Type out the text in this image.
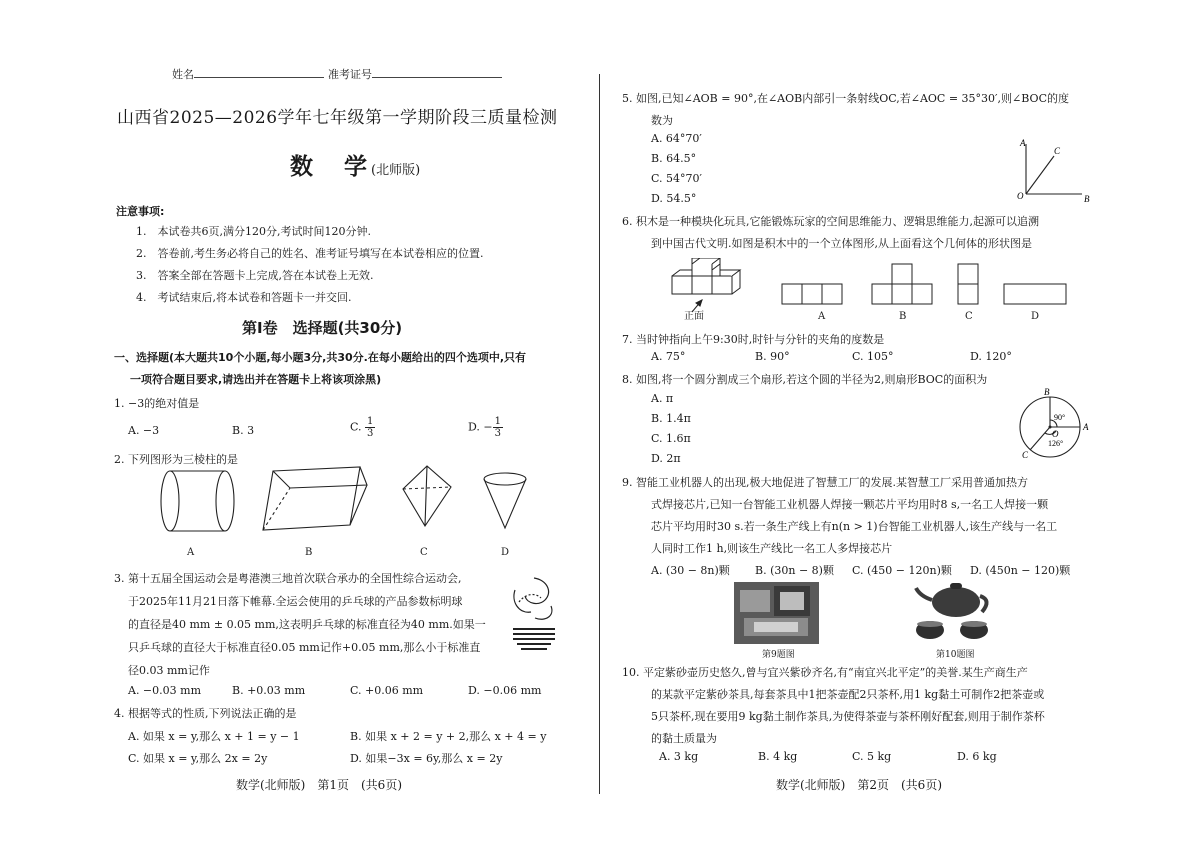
姓名	准考证号
山西省2025—2026学年七年级第一学期阶段三质量检测
数　学(北师版)
注意事项:
1.　本试卷共6页,满分120分,考试时间120分钟.
2.　答卷前,考生务必将自己的姓名、准考证号填写在本试卷相应的位置.
3.　答案全部在答题卡上完成,答在本试卷上无效.
4.　考试结束后,将本试卷和答题卡一并交回.
第Ⅰ卷　选择题(共30分)
一、选择题(本大题共10个小题,每小题3分,共30分.在每小题给出的四个选项中,只有
一项符合题目要求,请选出并在答题卡上将该项涂黑)
1. −3的绝对值是
A. −3	B. 3	C. $\frac{1}{3}$	D. − $\frac{1}{3}$
2. 下列图形为三棱柱的是
A	B	C	D
3. 第十五届全国运动会是粤港澳三地首次联合承办的全国性综合运动会,
于2025年11月21日落下帷幕.全运会使用的乒乓球的产品参数标明球
的直径是40 mm ± 0.05 mm,这表明乒乓球的标准直径为40 mm.如果一
只乒乓球的直径大于标准直径0.05 mm记作+0.05 mm,那么小于标准直
径0.03 mm记作
A. −0.03 mm	B. +0.03 mm	C. +0.06 mm	D. −0.06 mm
4. 根据等式的性质,下列说法正确的是
A. 如果 x = y,那么 x + 1 = y − 1	B. 如果 x + 2 = y + 2,那么 x + 4 = y
C. 如果 x = y,那么 2x = 2y	D. 如果−3x = 6y,那么 x = 2y
数学(北师版)　第1页　(共6页)
5. 如图,已知∠AOB = 90°,在∠AOB内部引一条射线OC,若∠AOC = 35°30′,则∠BOC的度
数为
A. 64°70′
B. 64.5°
C. 54°70′
D. 54.5°
A
C
O	B
6. 积木是一种模块化玩具,它能锻炼玩家的空间思维能力、逻辑思维能力,起源可以追溯
到中国古代文明.如图是积木中的一个立体图形,从上面看这个几何体的形状图是
正面	A	B	C	D
7. 当时钟指向上午9:30时,时针与分针的夹角的度数是
A. 75°	B. 90°	C. 105°	D. 120°
8. 如图,将一个圆分割成三个扇形,若这个圆的半径为2,则扇形BOC的面积为
A. π
B. 1.4π
C. 1.6π
D. 2π
B
A
C
O
90°
126°
9. 智能工业机器人的出现,极大地促进了智慧工厂的发展.某智慧工厂采用普通加热方
式焊接芯片,已知一台智能工业机器人焊接一颗芯片平均用时8 s,一名工人焊接一颗
芯片平均用时30 s.若一条生产线上有n(n > 1)台智能工业机器人,该生产线与一名工
人同时工作1 h,则该生产线比一名工人多焊接芯片
A. (30 − 8n)颗 B. (30n − 8)颗 C. (450 − 120n)颗 D. (450n − 120)颗
第9题图	第10题图
10. 平定紫砂壶历史悠久,曾与宜兴紫砂齐名,有“南宜兴北平定”的美誉.某生产商生产
的某款平定紫砂茶具,每套茶具中1把茶壶配2只茶杯,用1 kg黏土可制作2把茶壶或
5只茶杯,现在要用9 kg黏土制作茶具,为使得茶壶与茶杯刚好配套,则用于制作茶杯
的黏土质量为
A. 3 kg	B. 4 kg	C. 5 kg	D. 6 kg
数学(北师版)　第2页　(共6页)
